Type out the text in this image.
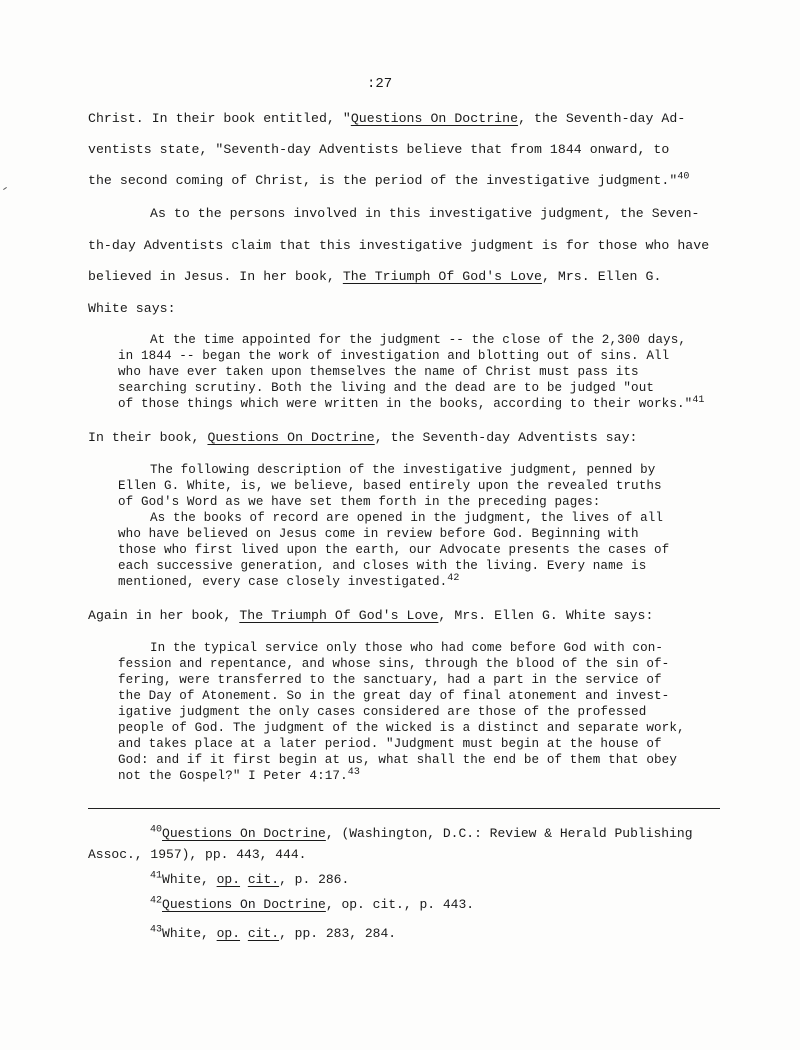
:27
Christ. In their book entitled, "Questions On Doctrine, the Seventh-day Ad-
ventists state, "Seventh-day Adventists believe that from 1844 onward, to
the second coming of Christ, is the period of the investigative judgment."$^{40}$
As to the persons involved in this investigative judgment, the Seven-
th-day Adventists claim that this investigative judgment is for those who have
believed in Jesus. In her book, The Triumph Of God's Love, Mrs. Ellen G.
White says:
At the time appointed for the judgment -- the close of the 2,300 days,
in 1844 -- began the work of investigation and blotting out of sins. All
who have ever taken upon themselves the name of Christ must pass its
searching scrutiny. Both the living and the dead are to be judged "out
of those things which were written in the books, according to their works."$^{41}$
In their book, Questions On Doctrine, the Seventh-day Adventists say:
The following description of the investigative judgment, penned by
Ellen G. White, is, we believe, based entirely upon the revealed truths
of God's Word as we have set them forth in the preceding pages:
As the books of record are opened in the judgment, the lives of all
who have believed on Jesus come in review before God. Beginning with
those who first lived upon the earth, our Advocate presents the cases of
each successive generation, and closes with the living. Every name is
mentioned, every case closely investigated.$^{42}$
Again in her book, The Triumph Of God's Love, Mrs. Ellen G. White says:
In the typical service only those who had come before God with con-
fession and repentance, and whose sins, through the blood of the sin of-
fering, were transferred to the sanctuary, had a part in the service of
the Day of Atonement. So in the great day of final atonement and invest-
igative judgment the only cases considered are those of the professed
people of God. The judgment of the wicked is a distinct and separate work,
and takes place at a later period. "Judgment must begin at the house of
God: and if it first begin at us, what shall the end be of them that obey
not the Gospel?" I Peter 4:17.43
$^{40}$Questions On Doctrine, (Washington, D.C.: Review & Herald Publishing
Assoc., 1957), pp. 443, 444.
$^{41}$White, op. cit., p. 286.
$^{42}$Questions On Doctrine, op. cit., p. 443.
$^{43}$White, op. cit., pp. 283, 284.
